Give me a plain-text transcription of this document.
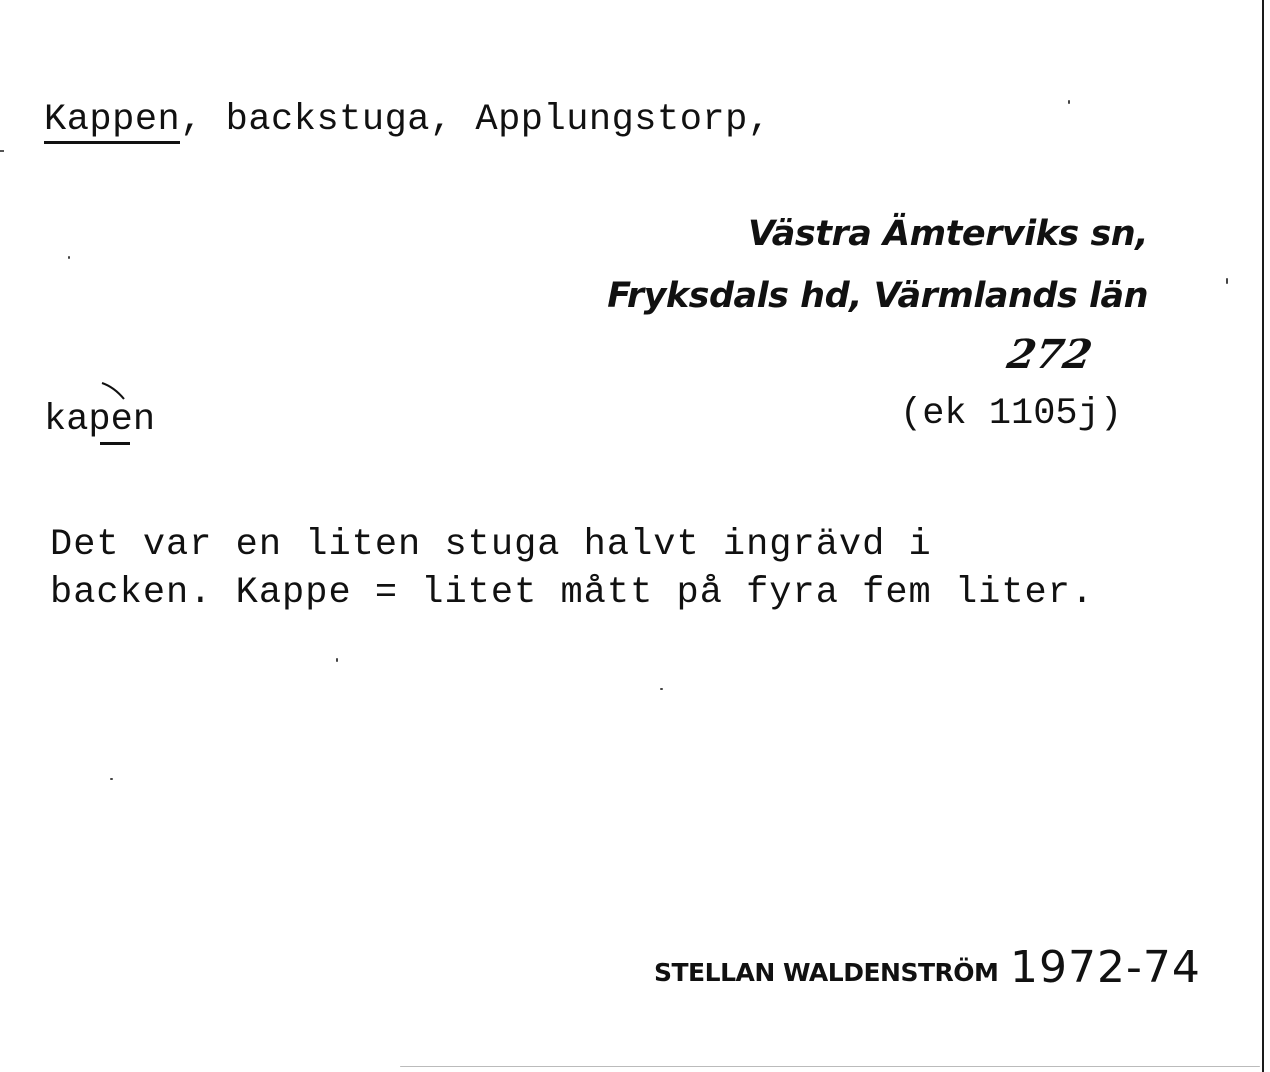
Kappen, backstuga, Applungstorp,
Västra Ämterviks sn,
Fryksdals hd, Värmlands län
272
(ek 1105j)
kapen
Det var en liten stuga halvt ingrävd i
backen. Kappe = litet mått på fyra fem liter.
STELLAN WALDENSTRÖM 1972-74
